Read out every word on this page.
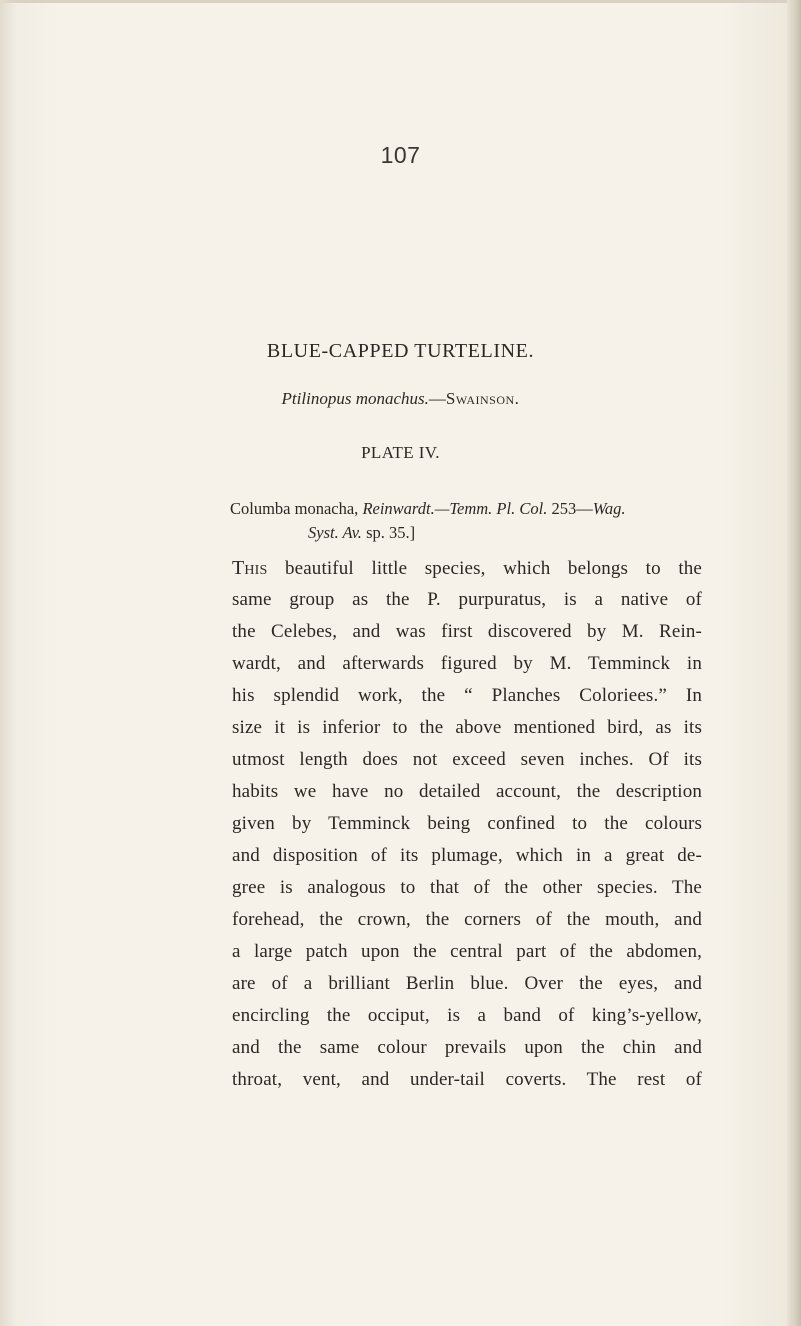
107
BLUE-CAPPED TURTELINE.
Ptilinopus monachus.—Swainson.
PLATE IV.
Columba monacha, Reinwardt.—Temm. Pl. Col. 253—Wag.
Syst. Av. sp. 35.]
This beautiful little species, which belongs to the
same group as the P. purpuratus, is a native of
the Celebes, and was first discovered by M. Rein-
wardt, and afterwards figured by M. Temminck in
his splendid work, the “ Planches Coloriees.” In
size it is inferior to the above mentioned bird, as its
utmost length does not exceed seven inches. Of its
habits we have no detailed account, the description
given by Temminck being confined to the colours
and disposition of its plumage, which in a great de-
gree is analogous to that of the other species. The
forehead, the crown, the corners of the mouth, and
a large patch upon the central part of the abdomen,
are of a brilliant Berlin blue. Over the eyes, and
encircling the occiput, is a band of king’s-yellow,
and the same colour prevails upon the chin and
throat, vent, and under-tail coverts. The rest of
